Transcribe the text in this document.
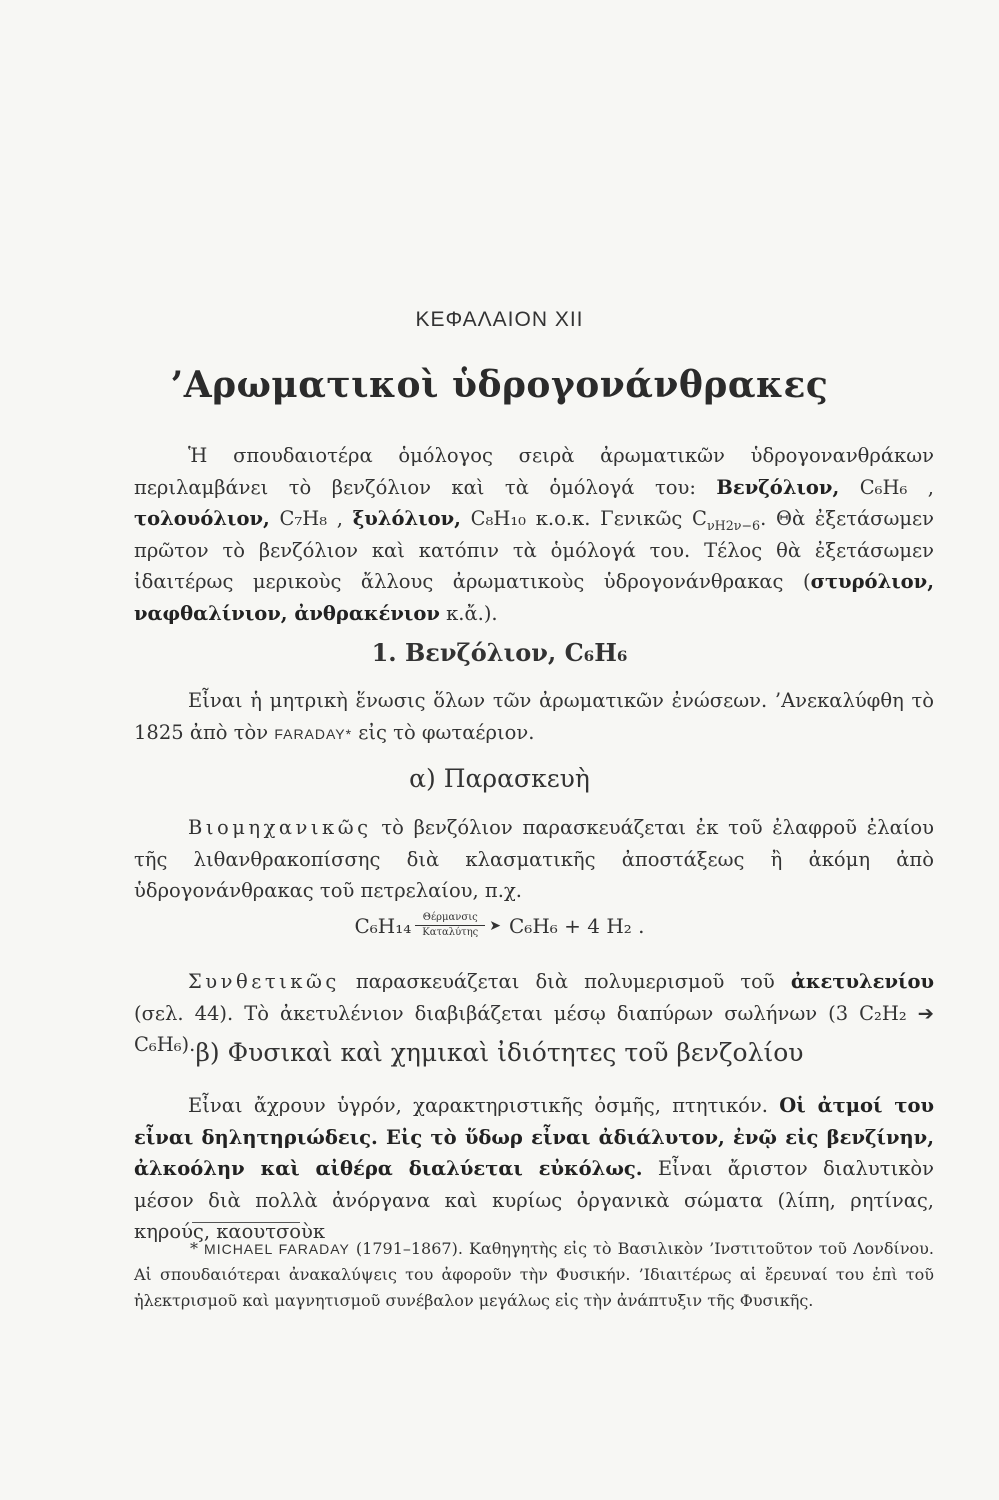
ΚΕΦΑΛΑΙΟΝ XII
’Αρωματικοὶ ὑδρογονάνθρακες

Ἡ σπουδαιοτέρα ὁμόλογος σειρὰ ἀρωματικῶν ὑδρογονανθράκων περιλαμβάνει τὸ βενζόλιον καὶ τὰ ὁμόλογά του: Βενζόλιον, C₆H₆ , τολουόλιον, C₇H₈ , ξυλόλιον, C₈H₁₀ κ.ο.κ. Γενικῶς $C_{\nu H2\nu-6}$. Θὰ ἐξετάσωμεν πρῶτον τὸ βενζόλιον καὶ κατόπιν τὰ ὁμόλογά του. Τέλος θὰ ἐξετάσωμεν ἰδαιτέρως μερικοὺς ἄλλους ἀρωματικοὺς ὑδρογονάνθρακας (στυρόλιον, ναφθαλίνιον, ἀνθρακένιον κ.ἄ.).

1. Βενζόλιον, C₆H₆

Εἶναι ἡ μητρικὴ ἕνωσις ὅλων τῶν ἀρωματικῶν ἐνώσεων. ’Ανεκαλύφθη τὸ 1825 ἀπὸ τὸν FARADAY* εἰς τὸ φωταέριον.

α) Παρασκευὴ

Βιομηχανικῶς τὸ βενζόλιον παρασκευάζεται ἐκ τοῦ ἐλαφροῦ ἐλαίου τῆς λιθανθρακοπίσσης διὰ κλασματικῆς ἀποστάξεως ἢ ἀκόμη ἀπὸ ὑδρογονάνθρακας τοῦ πετρελαίου, π.χ.

C₆H₁₄ Θέρμανσις
Καταλύτης ➤ C₆H₆ + 4 H₂ .

Συνθετικῶς παρασκευάζεται διὰ πολυμερισμοῦ τοῦ ἀκετυλενίου (σελ. 44). Τὸ ἀκετυλένιον διαβιβάζεται μέσῳ διαπύρων σωλήνων (3 C₂H₂ ➔ C₆H₆). β) Φυσικαὶ καὶ χημικαὶ ἰδιότητες τοῦ βενζολίου

Εἶναι ἄχρουν ὑγρόν, χαρακτηριστικῆς ὀσμῆς, πτητικόν. Οἱ ἀτμοί του εἶναι δηλητηριώδεις. Εἰς τὸ ὕδωρ εἶναι ἀδιάλυτον, ἐνῷ εἰς βενζίνην, ἀλκοόλην καὶ αἰθέρα διαλύεται εὐκόλως. Εἶναι ἄριστον διαλυτικὸν μέσον διὰ πολλὰ ἀνόργανα καὶ κυρίως ὀργανικὰ σώματα (λίπη, ρητίνας, κηρούς, καουτσοὺκ

* MICHAEL FARADAY (1791–1867). Καθηγητὴς εἰς τὸ Βασιλικὸν ’Ινστιτοῦτον τοῦ Λονδίνου. Αἱ σπουδαιότεραι ἀνακαλύψεις του ἀφοροῦν τὴν Φυσικήν. ’Ιδιαιτέρως αἱ ἔρευναί του ἐπὶ τοῦ ἠλεκτρισμοῦ καὶ μαγνητισμοῦ συνέβαλον μεγάλως εἰς τὴν ἀνάπτυξιν τῆς Φυσικῆς.
